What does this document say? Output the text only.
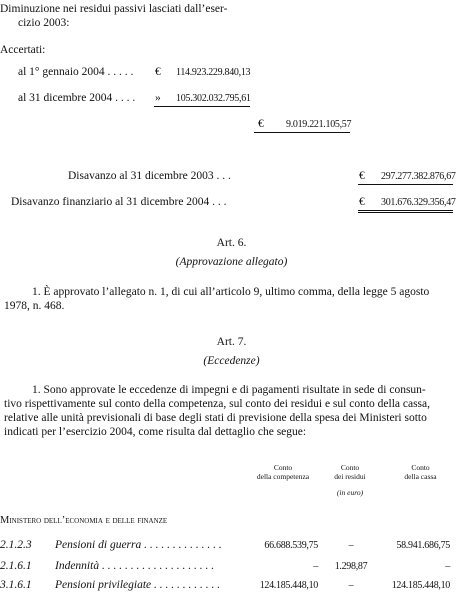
Diminuzione nei residui passivi lasciati dall’eser-
cizio 2003:
Accertati:
al 1° gennaio 2004 . . . . . € 114.923.229.840,13
al 31 dicembre 2004 . . . . » 105.302.032.795,61
€ 9.019.221.105,57
Disavanzo al 31 dicembre 2003 . . .	€ 297.277.382.876,67
Disavanzo finanziario al 31 dicembre 2004 . . .	€ 301.676.329.356,47
Art. 6.
(Approvazione allegato)
1. È approvato l’allegato n. 1, di cui all’articolo 9, ultimo comma, della legge 5 agosto
1978, n. 468.
Art. 7.
(Eccedenze)
1. Sono approvate le eccedenze di impegni e di pagamenti risultate in sede di consun-
tivo rispettivamente sul conto della competenza, sul conto dei residui e sul conto della cassa,
relative alle unità previsionali di base degli stati di previsione della spesa dei Ministeri sotto
indicati per l’esercizio 2004, come risulta dal dettaglio che segue:
Conto
della competenza
Conto
dei residui
Conto
della cassa
(in euro)
Ministero dell’economia e delle finanze
2.1.2.3 Pensioni di guerra . . . . . . . . . . . . . .	66.688.539,75	–	58.941.686,75
2.1.6.1 Indennità . . . . . . . . . . . . . . . . . . . .	–	1.298,87	–
3.1.6.1 Pensioni privilegiate . . . . . . . . . . . .	124.185.448,10	–	124.185.448,10
